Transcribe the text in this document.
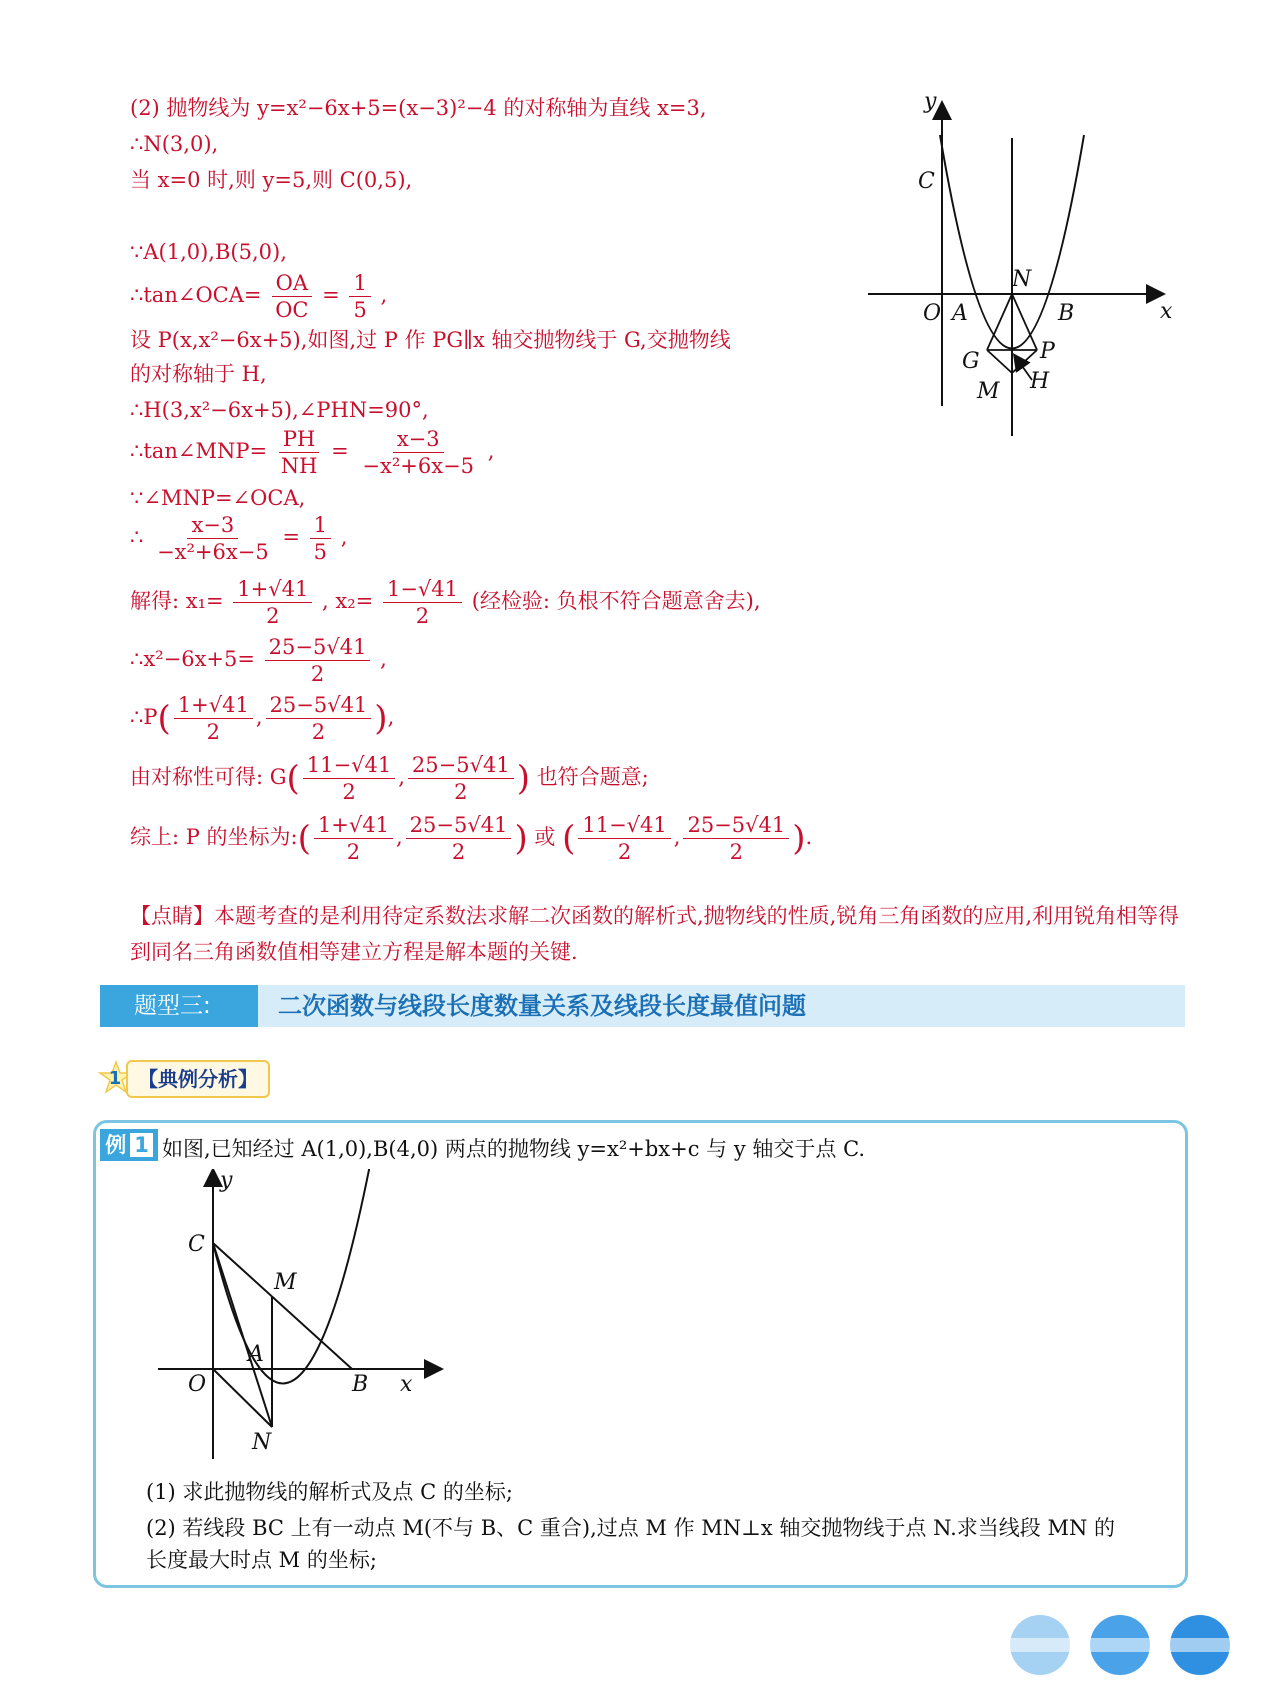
(2) 抛物线为 y=x²−6x+5=(x−3)²−4 的对称轴为直线 x=3,
∴N(3,0),
当 x=0 时,则 y=5,则 C(0,5),
∵A(1,0),B(5,0),
∴tan∠OCA= $\frac{OA}{OC} = \frac{1}{5}$ ,
设 P(x,x²−6x+5),如图,过 P 作 PG∥x 轴交抛物线于 G,交抛物线
的对称轴于 H,
∴H(3,x²−6x+5),∠PHN=90°,
∴tan∠MNP= $\frac{PH}{NH} = \frac{x-3}{\text{−x²+6x−5}}$ ,
∵∠MNP=∠OCA,
∴ $\frac{x-3}{\text{−x²+6x−5}} = \frac{1}{5}$ ,
解得: $x_1= \frac{1+√41}{2}$ , $x_2= \frac{1-√41}{2}$ (经检验: 负根不符合题意舍去),
∴x²−6x+5= $\frac{25-5√41}{2}$ ,
∴P( $\frac{1+√41}{2}$ , $\frac{25-5√41}{2}$ ),
由对称性可得: $G( \frac{11-√41}{2}$ , $\frac{25-5√41}{2}$ ) 也符合题意;
综上: P 的坐标为:( $\frac{1+√41}{2}$ , $\frac{25-5√41}{2}$ ) 或 ( $\frac{11-√41}{2}$ , $\frac{25-5√41}{2}$ ).
y
x
C
N
O A	B
G	P
M H
【点睛】本题考查的是利用待定系数法求解二次函数的解析式,抛物线的性质,锐角三角函数的应用,利用锐角相等得到同名三角函数值相等建立方程是解本题的关键.
题型三:	二次函数与线段长度数量关系及线段长度最值问题
1 【典例分析】
例 1 如图,已知经过 A(1,0),B(4,0) 两点的抛物线 y=x²+bx+c 与 y 轴交于点 C.
y
x
C
M
A
O	B
N
(1) 求此抛物线的解析式及点 C 的坐标;
(2) 若线段 BC 上有一动点 M(不与 B、C 重合),过点 M 作 MN⊥x 轴交抛物线于点 N.求当线段 MN 的
长度最大时点 M 的坐标;
